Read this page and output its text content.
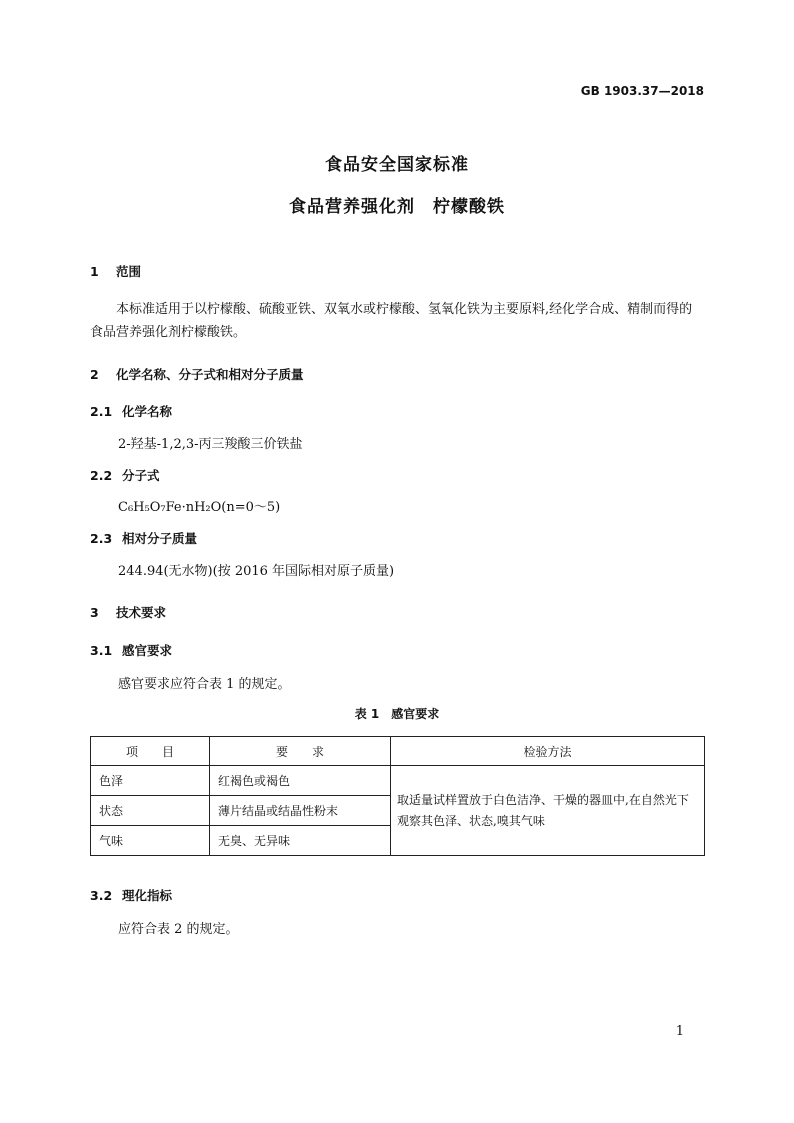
GB 1903.37—2018
食品安全国家标准
食品营养强化剂　柠檬酸铁
1 范围
本标准适用于以柠檬酸、硫酸亚铁、双氧水或柠檬酸、氢氧化铁为主要原料,经化学合成、精制而得的食品营养强化剂柠檬酸铁。
2 化学名称、分子式和相对分子质量
2.1 化学名称
2-羟基-1,2,3-丙三羧酸三价铁盐
2.2 分子式
C₆H₅O₇Fe·nH₂O(n=0～5)
2.3 相对分子质量
244.94(无水物)(按 2016 年国际相对原子质量)
3 技术要求
3.1 感官要求
感官要求应符合表 1 的规定。
表 1　感官要求
项　　目	要　　求	检验方法
色泽	红褐色或褐色	取适量试样置放于白色洁净、干燥的器皿中,在自然光下观察其色泽、状态,嗅其气味
状态	薄片结晶或结晶性粉末	
气味	无臭、无异味	
3.2 理化指标
应符合表 2 的规定。
1
